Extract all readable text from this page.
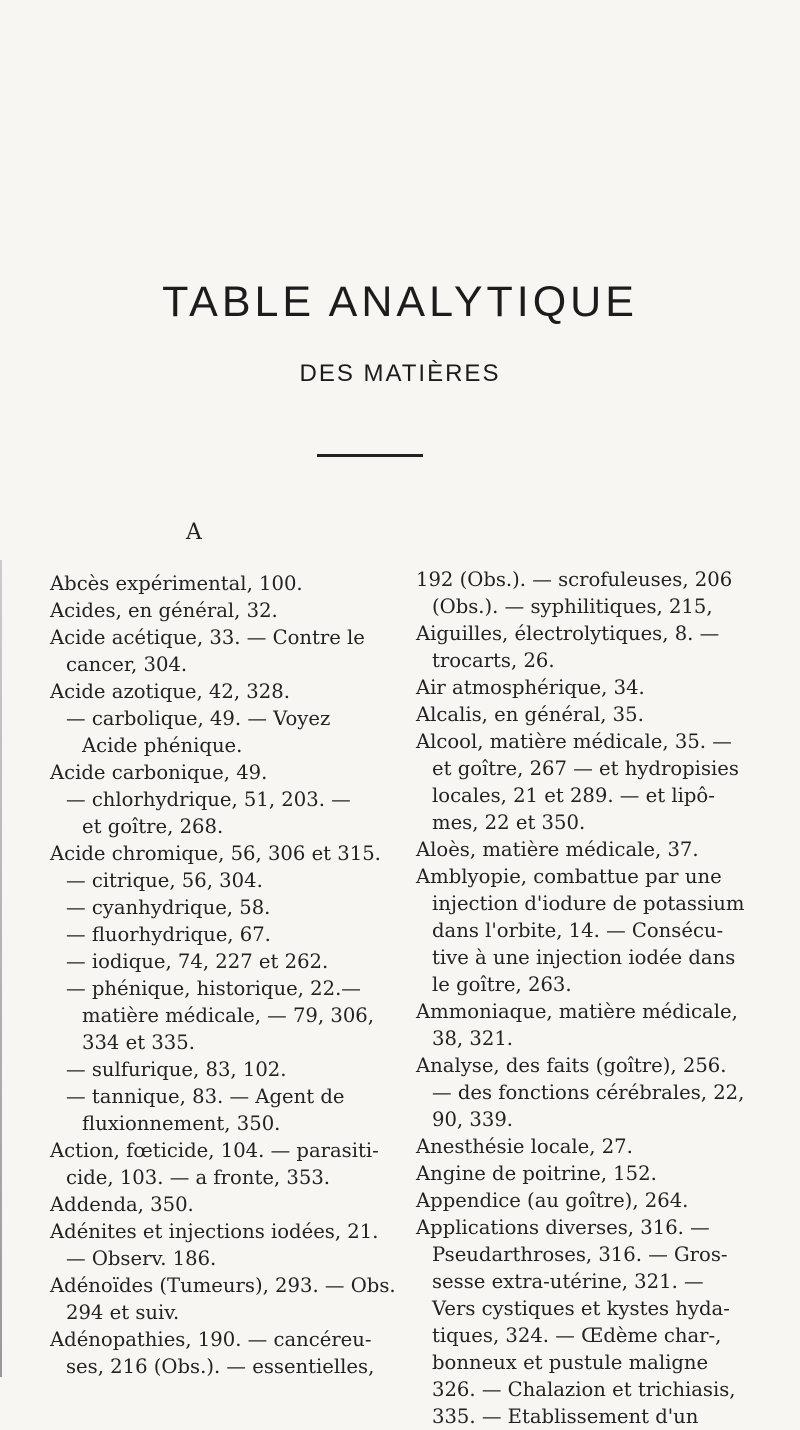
TABLE ANALYTIQUE
DES MATIÈRES
A
Abcès expérimental, 100.
Acides, en général, 32.
Acide acétique, 33. — Contre le
cancer, 304.
Acide azotique, 42, 328.
— carbolique, 49. — Voyez
Acide phénique.
Acide carbonique, 49.
— chlorhydrique, 51, 203. —
et goître, 268.
Acide chromique, 56, 306 et 315.
— citrique, 56, 304.
— cyanhydrique, 58.
— fluorhydrique, 67.
— iodique, 74, 227 et 262.
— phénique, historique, 22.—
matière médicale, — 79, 306,
334 et 335.
— sulfurique, 83, 102.
— tannique, 83. — Agent de
fluxionnement, 350.
Action, fœticide, 104. — parasiti-
cide, 103. — a fronte, 353.
Addenda, 350.
Adénites et injections iodées, 21.
— Observ. 186.
Adénoïdes (Tumeurs), 293. — Obs.
294 et suiv.
Adénopathies, 190. — cancéreu-
ses, 216 (Obs.). — essentielles,
192 (Obs.). — scrofuleuses, 206
(Obs.). — syphilitiques, 215,
Aiguilles, électrolytiques, 8. —
trocarts, 26.
Air atmosphérique, 34.
Alcalis, en général, 35.
Alcool, matière médicale, 35. —
et goître, 267 — et hydropisies
locales, 21 et 289. — et lipô-
mes, 22 et 350.
Aloès, matière médicale, 37.
Amblyopie, combattue par une
injection d'iodure de potassium
dans l'orbite, 14. — Consécu-
tive à une injection iodée dans
le goître, 263.
Ammoniaque, matière médicale,
38, 321.
Analyse, des faits (goître), 256.
— des fonctions cérébrales, 22,
90, 339.
Anesthésie locale, 27.
Angine de poitrine, 152.
Appendice (au goître), 264.
Applications diverses, 316. —
Pseudarthroses, 316. — Gros-
sesse extra-utérine, 321. —
Vers cystiques et kystes hyda-
tiques, 324. — Œdème char-,
bonneux et pustule maligne
326. — Chalazion et trichiasis,
335. — Etablissement d'un
